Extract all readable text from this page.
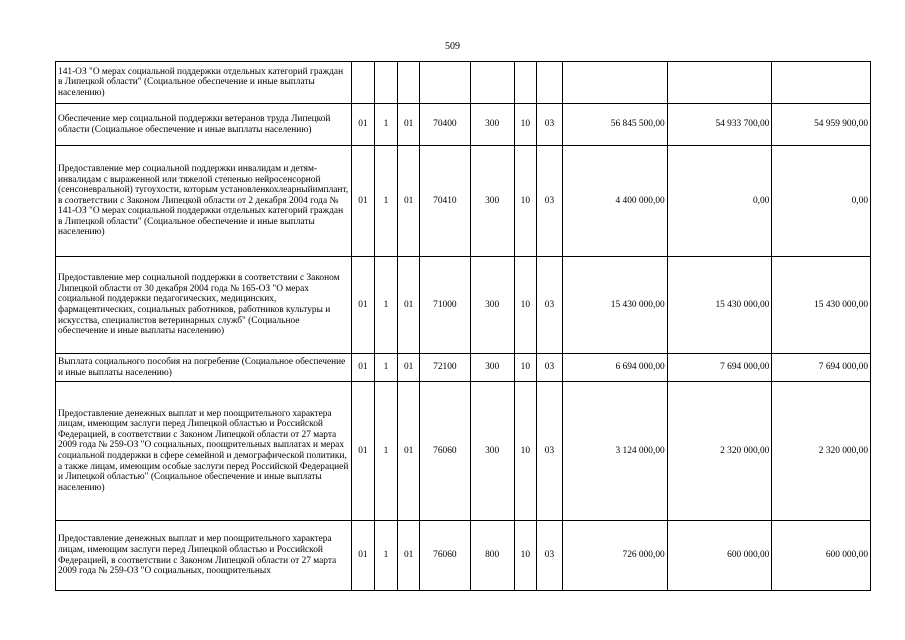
509
141-ОЗ "О мерах социальной поддержки отдельных категорий граждан в Липецкой области" (Социальное обеспечение и иные выплаты населению)										
Обеспечение мер социальной поддержки ветеранов труда Липецкой области (Социальное обеспечение и иные выплаты населению)	01	1	01	70400	300	10	03	56 845 500,00	54 933 700,00	54 959 900,00
Предоставление мер социальной поддержки инвалидам и детям-инвалидам с выраженной или тяжелой степенью нейросенсорной (сенсоневральной) тугоухости, которым установленкохлеарныйимплант, в соответствии с Законом Липецкой области от 2 декабря 2004 года № 141-ОЗ "О мерах социальной поддержки отдельных категорий граждан в Липецкой области" (Социальное обеспечение и иные выплаты населению)	01	1	01	70410	300	10	03	4 400 000,00	0,00	0,00
Предоставление мер социальной поддержки в соответствии с Законом Липецкой области от 30 декабря 2004 года № 165-ОЗ "О мерах социальной поддержки педагогических, медицинских, фармацевтических, социальных работников, работников культуры и искусства, специалистов ветеринарных служб" (Социальное обеспечение и иные выплаты населению)	01	1	01	71000	300	10	03	15 430 000,00	15 430 000,00	15 430 000,00
Выплата социального пособия на погребение (Социальное обеспечение и иные выплаты населению)	01	1	01	72100	300	10	03	6 694 000,00	7 694 000,00	7 694 000,00
Предоставление денежных выплат и мер поощрительного характера лицам, имеющим заслуги перед Липецкой областью и Российской Федерацией, в соответствии с Законом Липецкой области от 27 марта 2009 года № 259-ОЗ "О социальных, поощрительных выплатах и мерах социальной поддержки в сфере семейной и демографической политики, а также лицам, имеющим особые заслуги перед Российской Федерацией и Липецкой областью" (Социальное обеспечение и иные выплаты населению)	01	1	01	76060	300	10	03	3 124 000,00	2 320 000,00	2 320 000,00
Предоставление денежных выплат и мер поощрительного характера лицам, имеющим заслуги перед Липецкой областью и Российской Федерацией, в соответствии с Законом Липецкой области от 27 марта 2009 года № 259-ОЗ "О социальных, поощрительных	01	1	01	76060	800	10	03	726 000,00	600 000,00	600 000,00
